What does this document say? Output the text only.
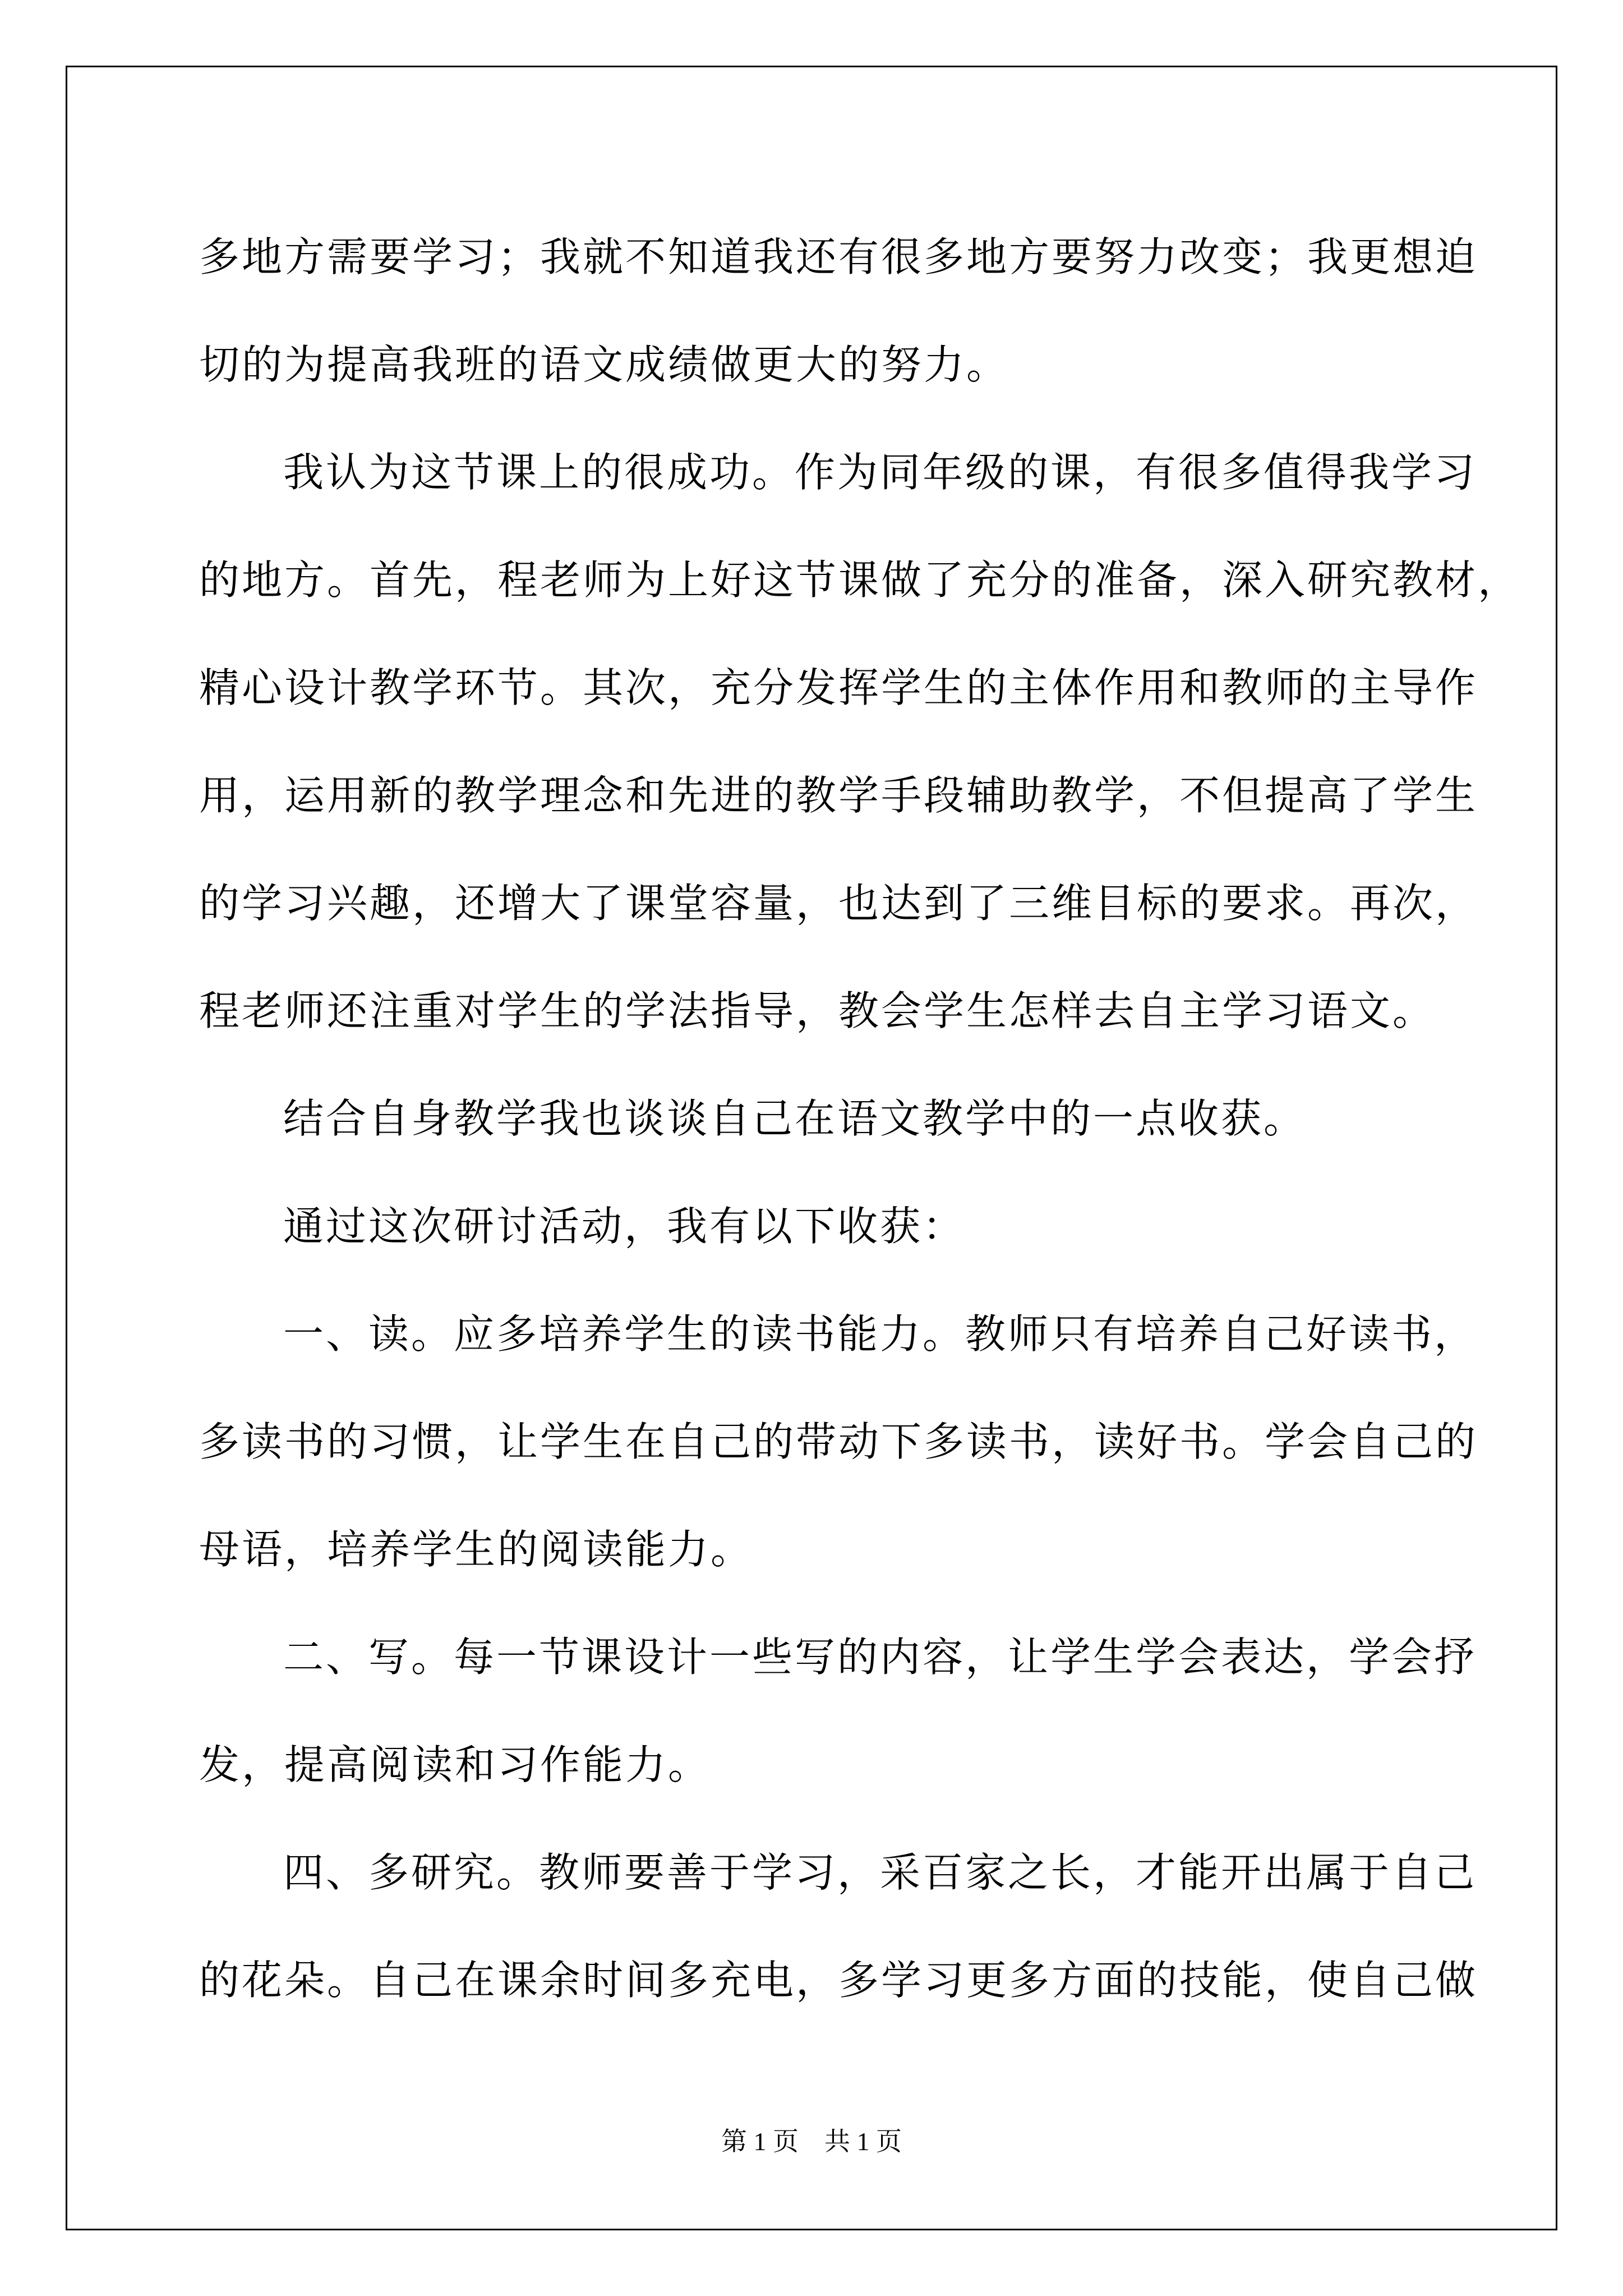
多地方需要学习；我就不知道我还有很多地方要努力改变；我更想迫
切的为提高我班的语文成绩做更大的努力。
我认为这节课上的很成功。作为同年级的课，有很多值得我学习
的地方。首先，程老师为上好这节课做了充分的准备，深入研究教材，
精心设计教学环节。其次，充分发挥学生的主体作用和教师的主导作
用，运用新的教学理念和先进的教学手段辅助教学，不但提高了学生
的学习兴趣，还增大了课堂容量，也达到了三维目标的要求。再次，
程老师还注重对学生的学法指导，教会学生怎样去自主学习语文。
结合自身教学我也谈谈自己在语文教学中的一点收获。
通过这次研讨活动，我有以下收获：
一、读。应多培养学生的读书能力。教师只有培养自己好读书，
多读书的习惯，让学生在自己的带动下多读书，读好书。学会自己的
母语，培养学生的阅读能力。
二、写。每一节课设计一些写的内容，让学生学会表达，学会抒
发，提高阅读和习作能力。
四、多研究。教师要善于学习，采百家之长，才能开出属于自己
的花朵。自己在课余时间多充电，多学习更多方面的技能，使自己做
第 1 页　共 1 页
